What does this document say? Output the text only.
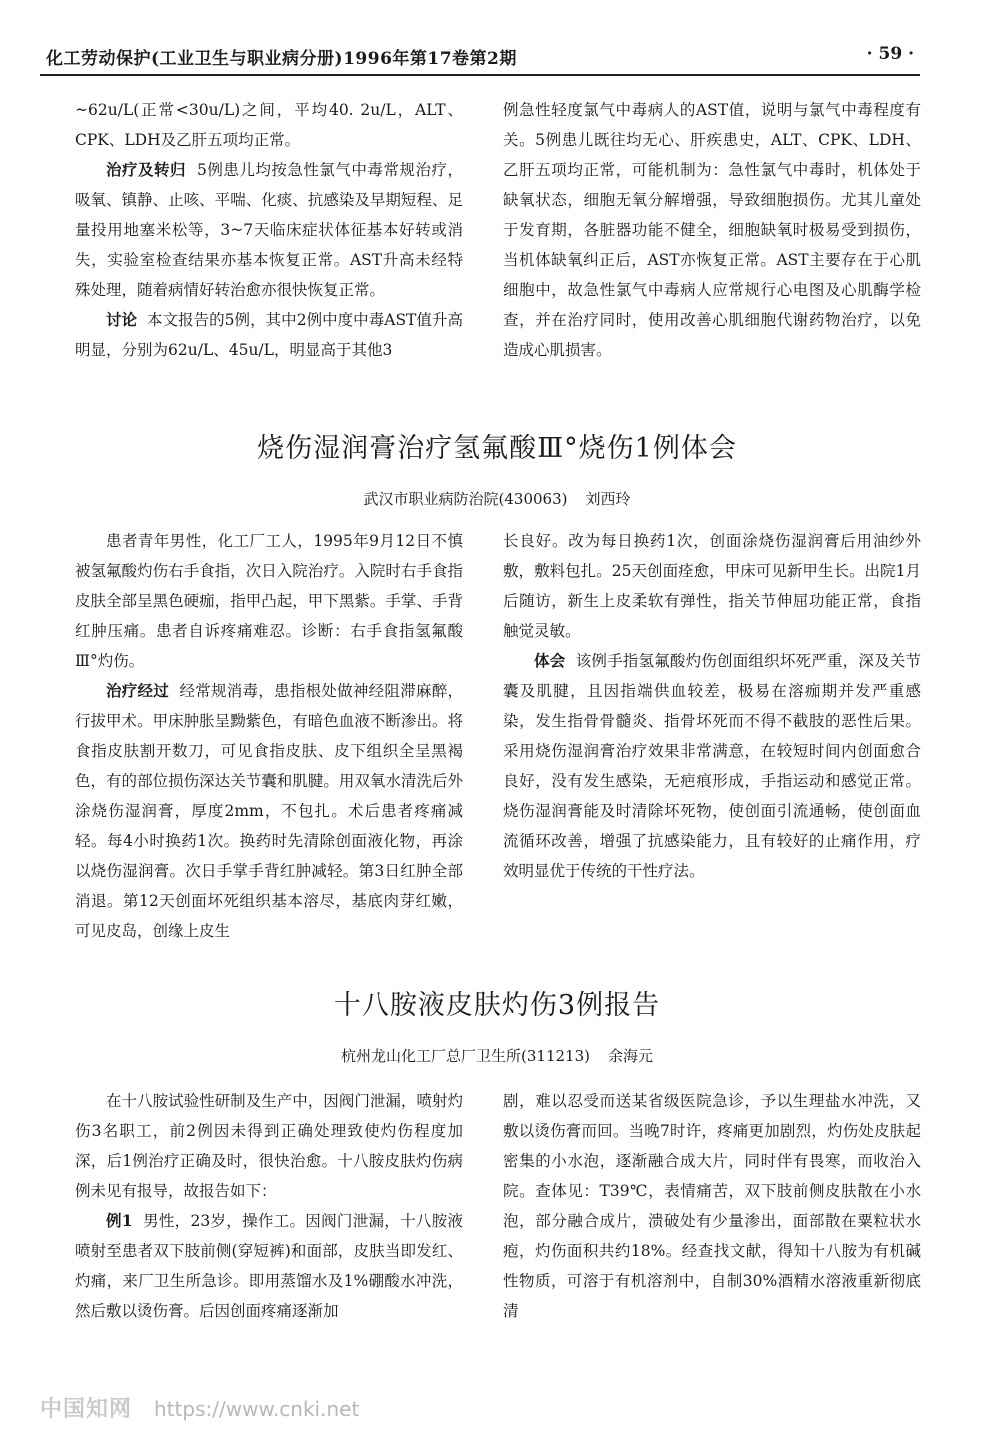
化工劳动保护(工业卫生与职业病分册)1996年第17卷第2期	· 59 ·

~62u/L(正常<30u/L)之间，平均40. 2u/L，ALT、CPK、LDH及乙肝五项均正常。

治疗及转归 5例患儿均按急性氯气中毒常规治疗，吸氧、镇静、止咳、平喘、化痰、抗感染及早期短程、足量投用地塞米松等，3~7天临床症状体征基本好转或消失，实验室检查结果亦基本恢复正常。AST升高未经特殊处理，随着病情好转治愈亦很快恢复正常。

讨论 本文报告的5例，其中2例中度中毒AST值升高明显，分别为62u/L、45u/L，明显高于其他3

例急性轻度氯气中毒病人的AST值，说明与氯气中毒程度有关。5例患儿既往均无心、肝疾患史，ALT、CPK、LDH、乙肝五项均正常，可能机制为：急性氯气中毒时，机体处于缺氧状态，细胞无氧分解增强，导致细胞损伤。尤其儿童处于发育期，各脏器功能不健全，细胞缺氧时极易受到损伤，当机体缺氧纠正后，AST亦恢复正常。AST主要存在于心肌细胞中，故急性氯气中毒病人应常规行心电图及心肌酶学检查，并在治疗同时，使用改善心肌细胞代谢药物治疗，以免造成心肌损害。

烧伤湿润膏治疗氢氟酸Ⅲ°烧伤1例体会
武汉市职业病防治院(430063) 刘西玲

患者青年男性，化工厂工人，1995年9月12日不慎被氢氟酸灼伤右手食指，次日入院治疗。入院时右手食指皮肤全部呈黑色硬痂，指甲凸起，甲下黑紫。手掌、手背红肿压痛。患者自诉疼痛难忍。诊断：右手食指氢氟酸Ⅲ°灼伤。

治疗经过 经常规消毒，患指根处做神经阻滞麻醉，行拔甲术。甲床肿胀呈黝紫色，有暗色血液不断渗出。将食指皮肤割开数刀，可见食指皮肤、皮下组织全呈黑褐色，有的部位损伤深达关节囊和肌腱。用双氧水清洗后外涂烧伤湿润膏，厚度2mm，不包扎。术后患者疼痛减轻。每4小时换药1次。换药时先清除创面液化物，再涂以烧伤湿润膏。次日手掌手背红肿减轻。第3日红肿全部消退。第12天创面坏死组织基本溶尽，基底肉芽红嫩，可见皮岛，创缘上皮生

长良好。改为每日换药1次，创面涂烧伤湿润膏后用油纱外敷，敷料包扎。25天创面痊愈，甲床可见新甲生长。出院1月后随访，新生上皮柔软有弹性，指关节伸屈功能正常，食指触觉灵敏。

体会 该例手指氢氟酸灼伤创面组织坏死严重，深及关节囊及肌腱，且因指端供血较差，极易在溶痂期并发严重感染，发生指骨骨髓炎、指骨坏死而不得不截肢的恶性后果。采用烧伤湿润膏治疗效果非常满意，在较短时间内创面愈合良好，没有发生感染，无疤痕形成，手指运动和感觉正常。烧伤湿润膏能及时清除坏死物，使创面引流通畅，使创面血流循环改善，增强了抗感染能力，且有较好的止痛作用，疗效明显优于传统的干性疗法。

十八胺液皮肤灼伤3例报告
杭州龙山化工厂总厂卫生所(311213) 余海元

在十八胺试验性研制及生产中，因阀门泄漏，喷射灼伤3名职工，前2例因未得到正确处理致使灼伤程度加深，后1例治疗正确及时，很快治愈。十八胺皮肤灼伤病例未见有报导，故报告如下：

例1 男性，23岁，操作工。因阀门泄漏，十八胺液喷射至患者双下肢前侧(穿短裤)和面部，皮肤当即发红、灼痛，来厂卫生所急诊。即用蒸馏水及1%硼酸水冲洗，然后敷以烫伤膏。后因创面疼痛逐渐加

剧，难以忍受而送某省级医院急诊，予以生理盐水冲洗，又敷以烫伤膏而回。当晚7时许，疼痛更加剧烈，灼伤处皮肤起密集的小水泡，逐渐融合成大片，同时伴有畏寒，而收治入院。查体见：T39℃，表情痛苦，双下肢前侧皮肤散在小水泡，部分融合成片，溃破处有少量渗出，面部散在粟粒状水疱，灼伤面积共约18%。经查找文献，得知十八胺为有机碱性物质，可溶于有机溶剂中，自制30%酒精水溶液重新彻底清

中国知网 https://www.cnki.net
